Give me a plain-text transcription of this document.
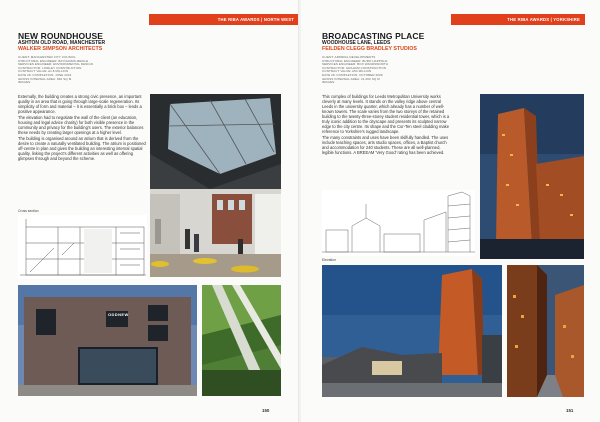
THE RIBA AWARDS | NORTH WEST
NEW ROUNDHOUSE
ASHTON OLD ROAD, MANCHESTER
WALKER SIMPSON ARCHITECTS
CLIENT: MANCHESTER CITY COUNCIL
STRUCTURAL ENGINEER: BAYNHAMS MEIKLE
SERVICES ENGINEER: ENVIRONMENTAL DESIGN
CONTRACTOR: LINDLEY CONSTRUCTION
CONTRACT VALUE: £1.8 MILLION
DATE OF COMPLETION: JUNE 2016
GROSS INTERNAL AREA: 840 SQ M
IMAGES:

Externally, the building creates a strong civic presence, an important quality in an area that is going through large-scale regeneration. Its simplicity of form and material – it is essentially a brick box – lends a positive appearance.

The elevation had to negotiate the wall of the client (an education, housing and legal advice charity) for both visible presence in the community and privacy for the building's users. The exterior balances these needs by creating larger openings at a higher level.

The building is organised around an atrium that is derived from the desire to create a naturally ventilated building. The atrium is positioned off-centre in plan and gives the building an interesting internal spatial quality, linking the project's different activities as well as offering glimpses through and beyond the scheme.

Cross section
ODDNEW
150
THE RIBA AWARDS | YORKSHIRE
BROADCASTING PLACE
WOODHOUSE LANE, LEEDS
FEILDEN CLEGG BRADLEY STUDIOS
CLIENT: ADMIRAL DEVELOPMENTS
STRUCTURAL ENGINEER: BURO HAPPOLD
SERVICES ENGINEER: BOX WANDSWORTH
CONTRACTOR: GRAHAM CONSTRUCTION
CONTRACT VALUE: £54 MILLION
DATE OF COMPLETION: OCTOBER 2009
GROSS INTERNAL AREA: 21,000 SQ M
IMAGES:

This complex of buildings for Leeds Metropolitan University works cleverly at many levels. It stands on the valley ridge above central Leeds in the university quarter, which already has a number of well-known towers. The scale varies from the two storeys of the retained building to the twenty-three-storey student residential tower, which is a truly iconic addition to the cityscape and presents its sculpted narrow edge to the city centre. Its shape and the Cor-Ten steel cladding make reference to Yorkshire's rugged landscape.

The many constraints and uses have been skilfully handled. The uses include teaching spaces, arts studio spaces, offices, a Baptist church and accommodation for 240 students. These are all well-planned, legible functions. A BREEAM 'Very Good' rating has been achieved.

Elevation
151
